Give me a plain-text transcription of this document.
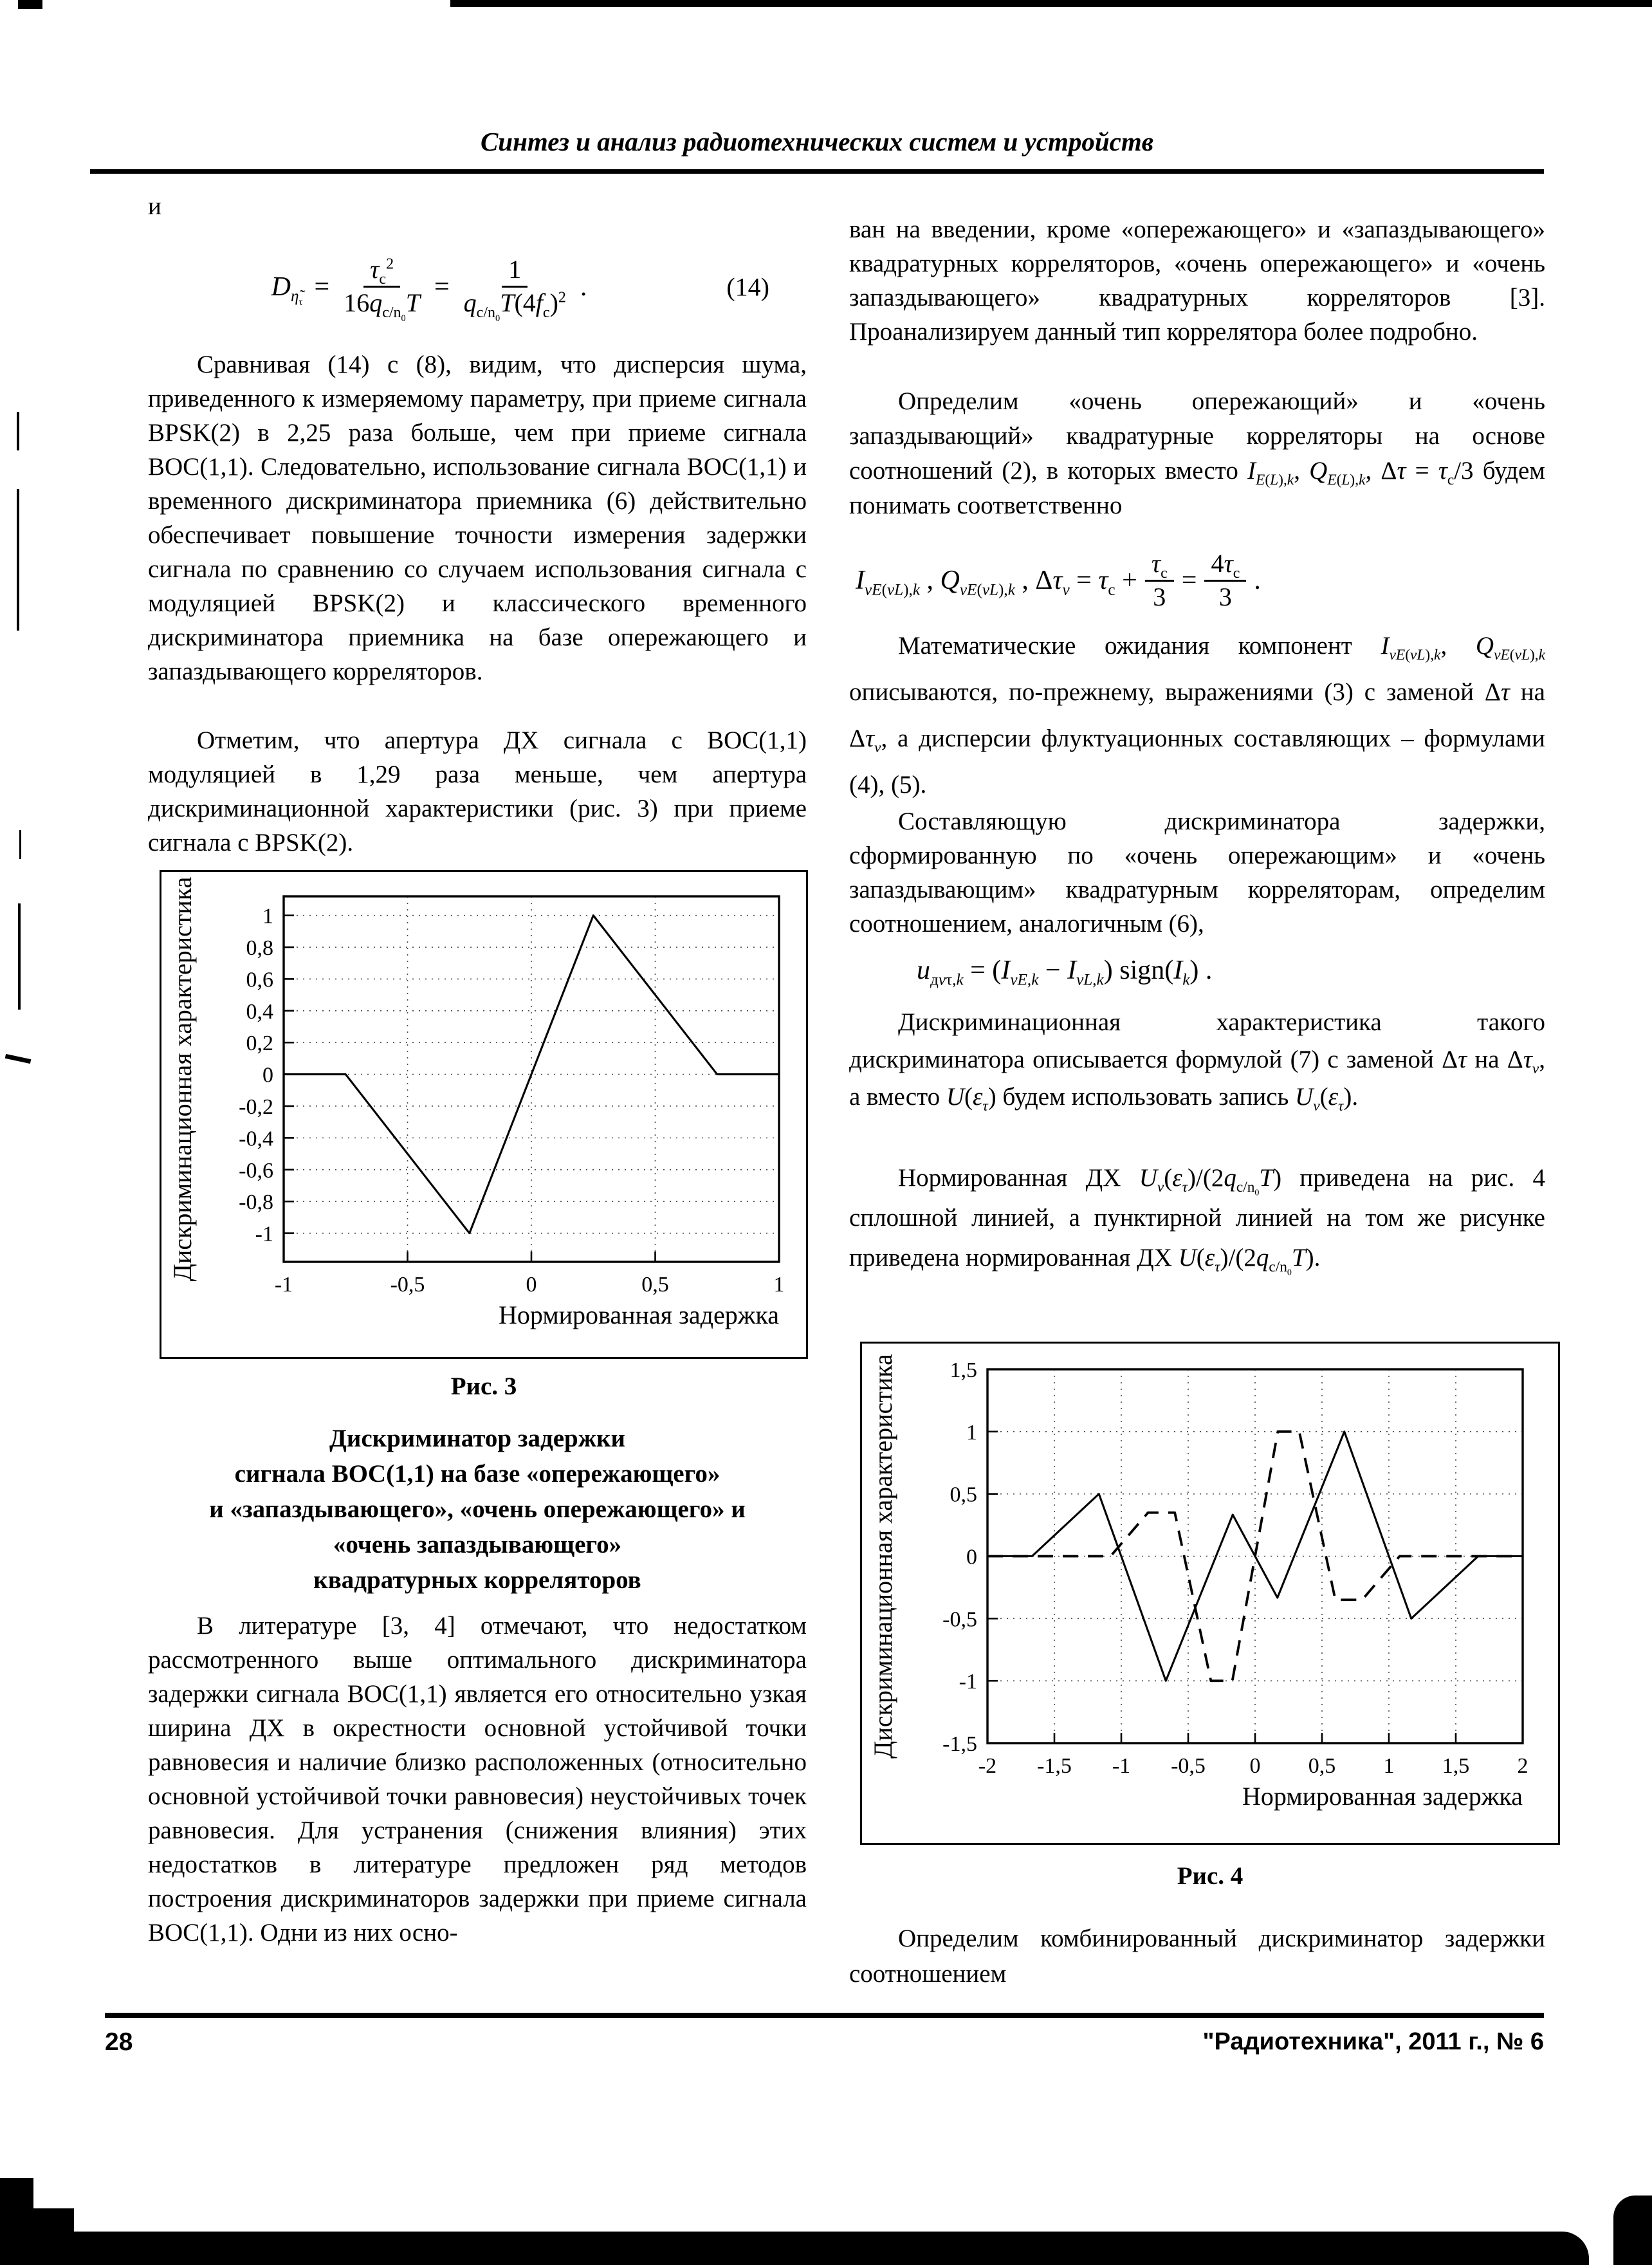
Синтез и анализ радиотехнических систем и устройств
и
$D_{\etã_\tau}$
= $\frac{\tau_с^2}{16q_{с/n_0}T} = \frac{1}{q_{с/n_0}T(4f_с)^2}$ .	(14)

Сравнивая (14) с (8), видим, что дисперсия шума, приведенного к измеряемому параметру, при приеме сигнала BPSK(2) в 2,25 раза больше, чем при приеме сигнала BOC(1,1). Следовательно, использование сигнала BOC(1,1) и временного дискриминатора приемника (6) действительно обеспечивает повышение точности измерения задержки сигнала по сравнению со случаем использования сигнала с модуляцией BPSK(2) и классического временного дискриминатора приемника на базе опережающего и запаздывающего корреляторов.

Отметим, что апертура ДХ сигнала с BOC(1,1) модуляцией в 1,29 раза меньше, чем апертура дискриминационной характеристики (рис. 3) при приеме сигнала с BPSK(2).

-1	-0,5	0	0,5	1
-1
-0,8
-0,6
-0,4
-0,2
0
0,2
0,4
0,6
0,8
1
Нормированная задержка
Дискриминационная характеристика
Рис. 3
Дискриминатор задержки
сигнала BOC(1,1) на базе «опережающего»
и «запаздывающего», «очень опережающего» и
«очень запаздывающего»
квадратурных корреляторов

В литературе [3, 4] отмечают, что недостатком рассмотренного выше оптимального дискриминатора задержки сигнала BOC(1,1) является его относительно узкая ширина ДХ в окрестности основной устойчивой точки равновесия и наличие близко расположенных (относительно основной устойчивой точки равновесия) неустойчивых точек равновесия. Для устранения (снижения влияния) этих недостатков в литературе предложен ряд методов построения дискриминаторов задержки при приеме сигнала BOC(1,1). Одни из них осно-

ван на введении, кроме «опережающего» и «запаздывающего» квадратурных корреляторов, «очень опережающего» и «очень запаздывающего» квадратурных корреляторов [3]. Проанализируем данный тип коррелятора более подробно.

Определим «очень опережающий» и «очень запаздывающий» квадратурные корреляторы на основе соотношений (2), в которых вместо $I_{E(L),k}$, $Q_{E(L),k}$, $\Delta\tau = \tau_с/3$ будем понимать соответственно

$I_{vE(vL),k}$ , $Q_{vE(vL),k}$ , $\Delta\tau_v = \tau_с + \frac{\tau_с}{3} = \frac{4\tau_с}{3}$ .

Математические ожидания компонент $I_{vE(vL),k}$, $Q_{vE(vL),k}$ описываются, по-прежнему, выражениями (3) с заменой Δτ на $\Delta\tau_v$, а дисперсии флуктуационных составляющих – формулами (4), (5).

Составляющую дискриминатора задержки, сформированную по «очень опережающим» и «очень запаздывающим» квадратурным корреляторам, определим соотношением, аналогичным (6),

$u_{дv\tau,k} = (I_{vE,k} - I_{vL,k})$ $sign(I_k)$ .

Дискриминационная характеристика такого дискриминатора описывается формулой (7) с заменой Δτ на $\Delta\tau_v$, а вместо $U(\varepsilon_\tau)$ будем использовать запись $U_v(\varepsilon_\tau)$.

Нормированная ДХ $U_v(\varepsilon_\tau)/(2q_{с/n_0}T)$ приведена на рис. 4 сплошной линией, а пунктирной линией на том же рисунке приведена нормированная ДХ $U(\varepsilon_\tau)/(2q_{с/n_0}T)$.

-2 -1,5 -1 -0,5 0 0,5 1 1,5 2
-1,5
-1
-0,5
0
0,5
1
1,5
Нормированная задержка
Дискриминационная характеристика
Рис. 4

Определим комбинированный дискриминатор задержки соотношением

28	"Радиотехника", 2011 г., № 6
